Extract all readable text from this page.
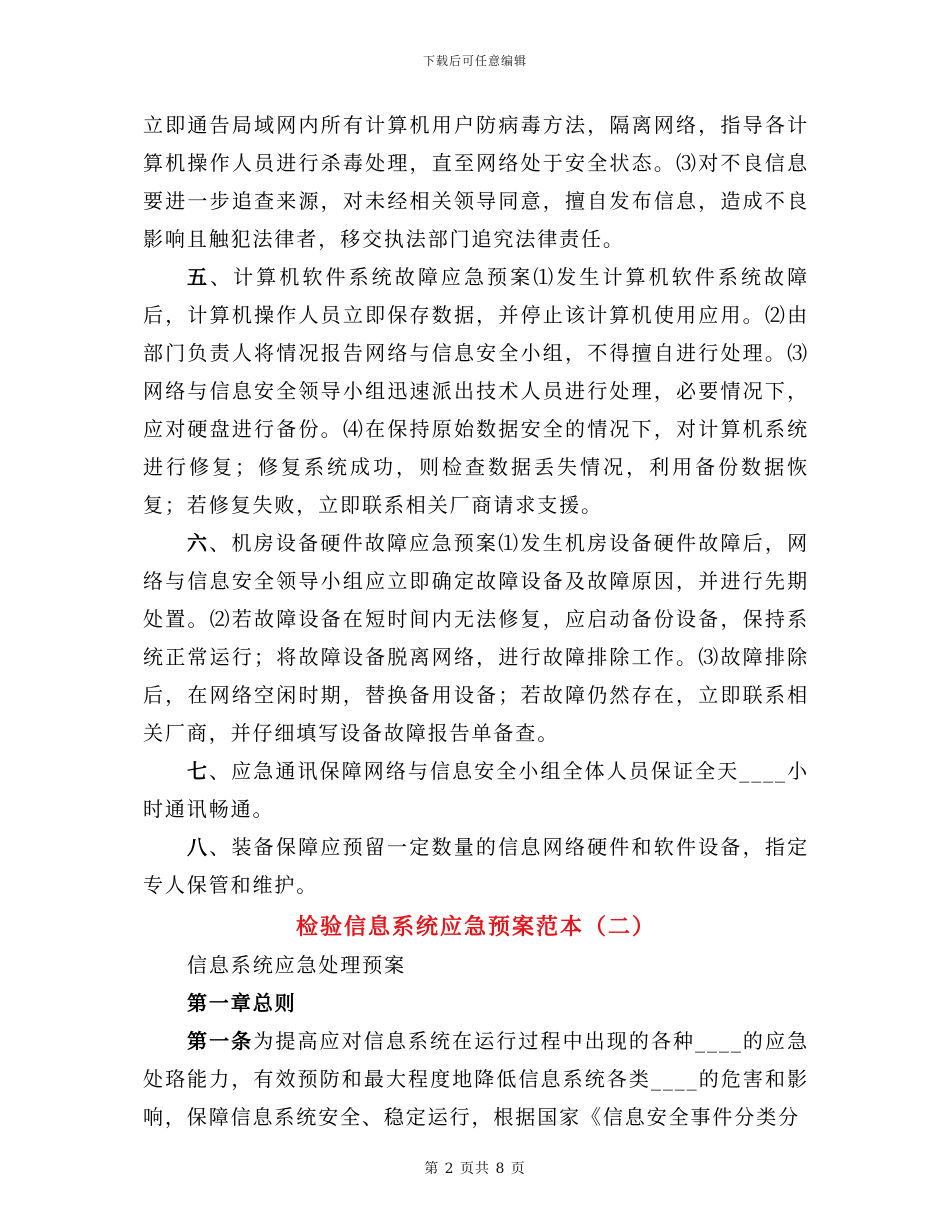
下载后可任意编辑

立即通告局域网内所有计算机用户防病毒方法，隔离网络，指导各计算机操作人员进行杀毒处理，直至网络处于安全状态。⑶对不良信息要进一步追查来源，对未经相关领导同意，擅自发布信息，造成不良影响且触犯法律者，移交执法部门追究法律责任。

五、计算机软件系统故障应急预案⑴发生计算机软件系统故障后，计算机操作人员立即保存数据，并停止该计算机使用应用。⑵由部门负责人将情况报告网络与信息安全小组，不得擅自进行处理。⑶网络与信息安全领导小组迅速派出技术人员进行处理，必要情况下，应对硬盘进行备份。⑷在保持原始数据安全的情况下，对计算机系统进行修复；修复系统成功，则检查数据丢失情况，利用备份数据恢复；若修复失败，立即联系相关厂商请求支援。

六、机房设备硬件故障应急预案⑴发生机房设备硬件故障后，网络与信息安全领导小组应立即确定故障设备及故障原因，并进行先期处置。⑵若故障设备在短时间内无法修复，应启动备份设备，保持系统正常运行；将故障设备脱离网络，进行故障排除工作。⑶故障排除后，在网络空闲时期，替换备用设备；若故障仍然存在，立即联系相关厂商，并仔细填写设备故障报告单备查。

七、应急通讯保障网络与信息安全小组全体人员保证全天____小时通讯畅通。

八、装备保障应预留一定数量的信息网络硬件和软件设备，指定专人保管和维护。

检验信息系统应急预案范本（二）

信息系统应急处理预案

第一章总则

第一条为提高应对信息系统在运行过程中出现的各种____的应急处珞能力，有效预防和最大程度地降低信息系统各类____的危害和影响，保障信息系统安全、稳定运行，根据国家《信息安全事件分类分

第 2 页共 8 页
